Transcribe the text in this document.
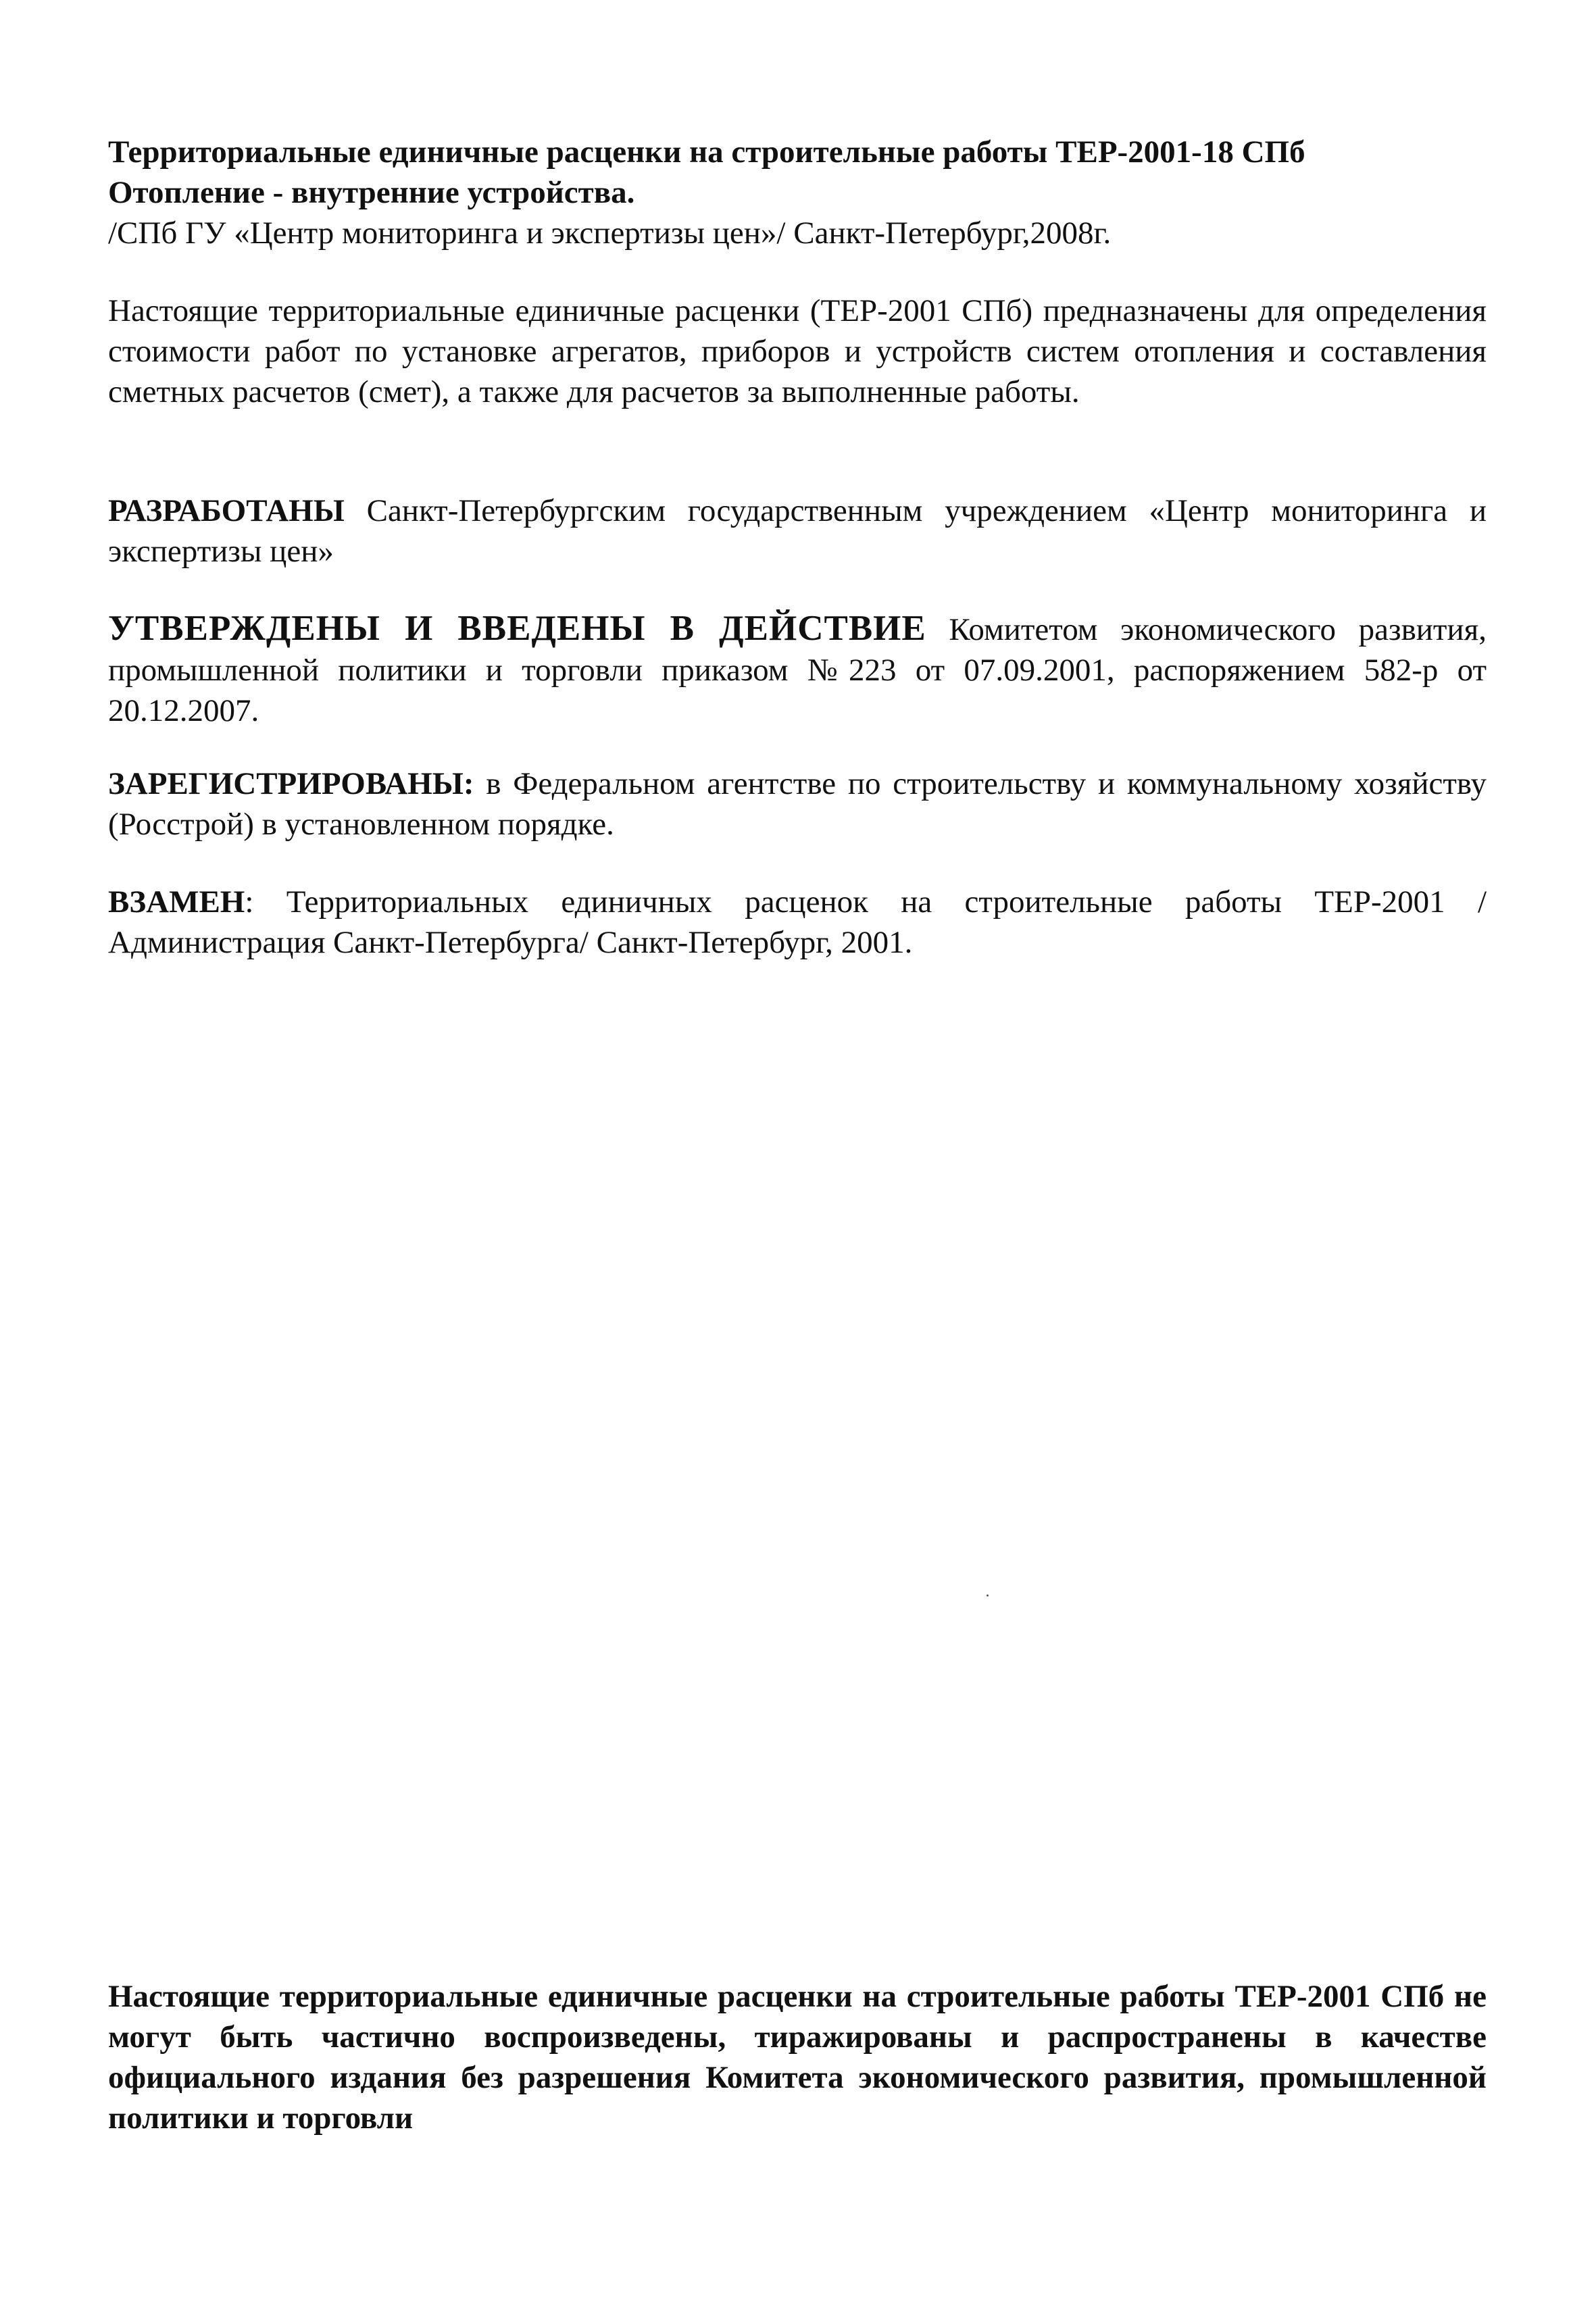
Территориальные единичные расценки на строительные работы ТЕР-2001-18 СПб
Отопление - внутренние устройства.
/СПб ГУ «Центр мониторинга и экспертизы цен»/ Санкт-Петербург,2008г.
Настоящие территориальные единичные расценки (ТЕР-2001 СПб) предназначены для определения стоимости работ по установке агрегатов, приборов и устройств систем отопления и составления сметных расчетов (смет), а также для расчетов за выполненные работы.
РАЗРАБОТАНЫ Санкт-Петербургским государственным учреждением «Центр мониторинга и экспертизы цен»
УТВЕРЖДЕНЫ И ВВЕДЕНЫ В ДЕЙСТВИЕ Комитетом экономического развития, промышленной политики и торговли приказом №223 от 07.09.2001, распоряжением 582-р от 20.12.2007.
ЗАРЕГИСТРИРОВАНЫ: в Федеральном агентстве по строительству и коммунальному хозяйству (Росстрой) в установленном порядке.
ВЗАМЕН: Территориальных единичных расценок на строительные работы ТЕР-2001 /Администрация Санкт-Петербурга/ Санкт-Петербург, 2001.
Настоящие территориальные единичные расценки на строительные работы ТЕР-2001 СПб не могут быть частично воспроизведены, тиражированы и распространены в качестве официального издания без разрешения Комитета экономического развития, промышленной политики и торговли
